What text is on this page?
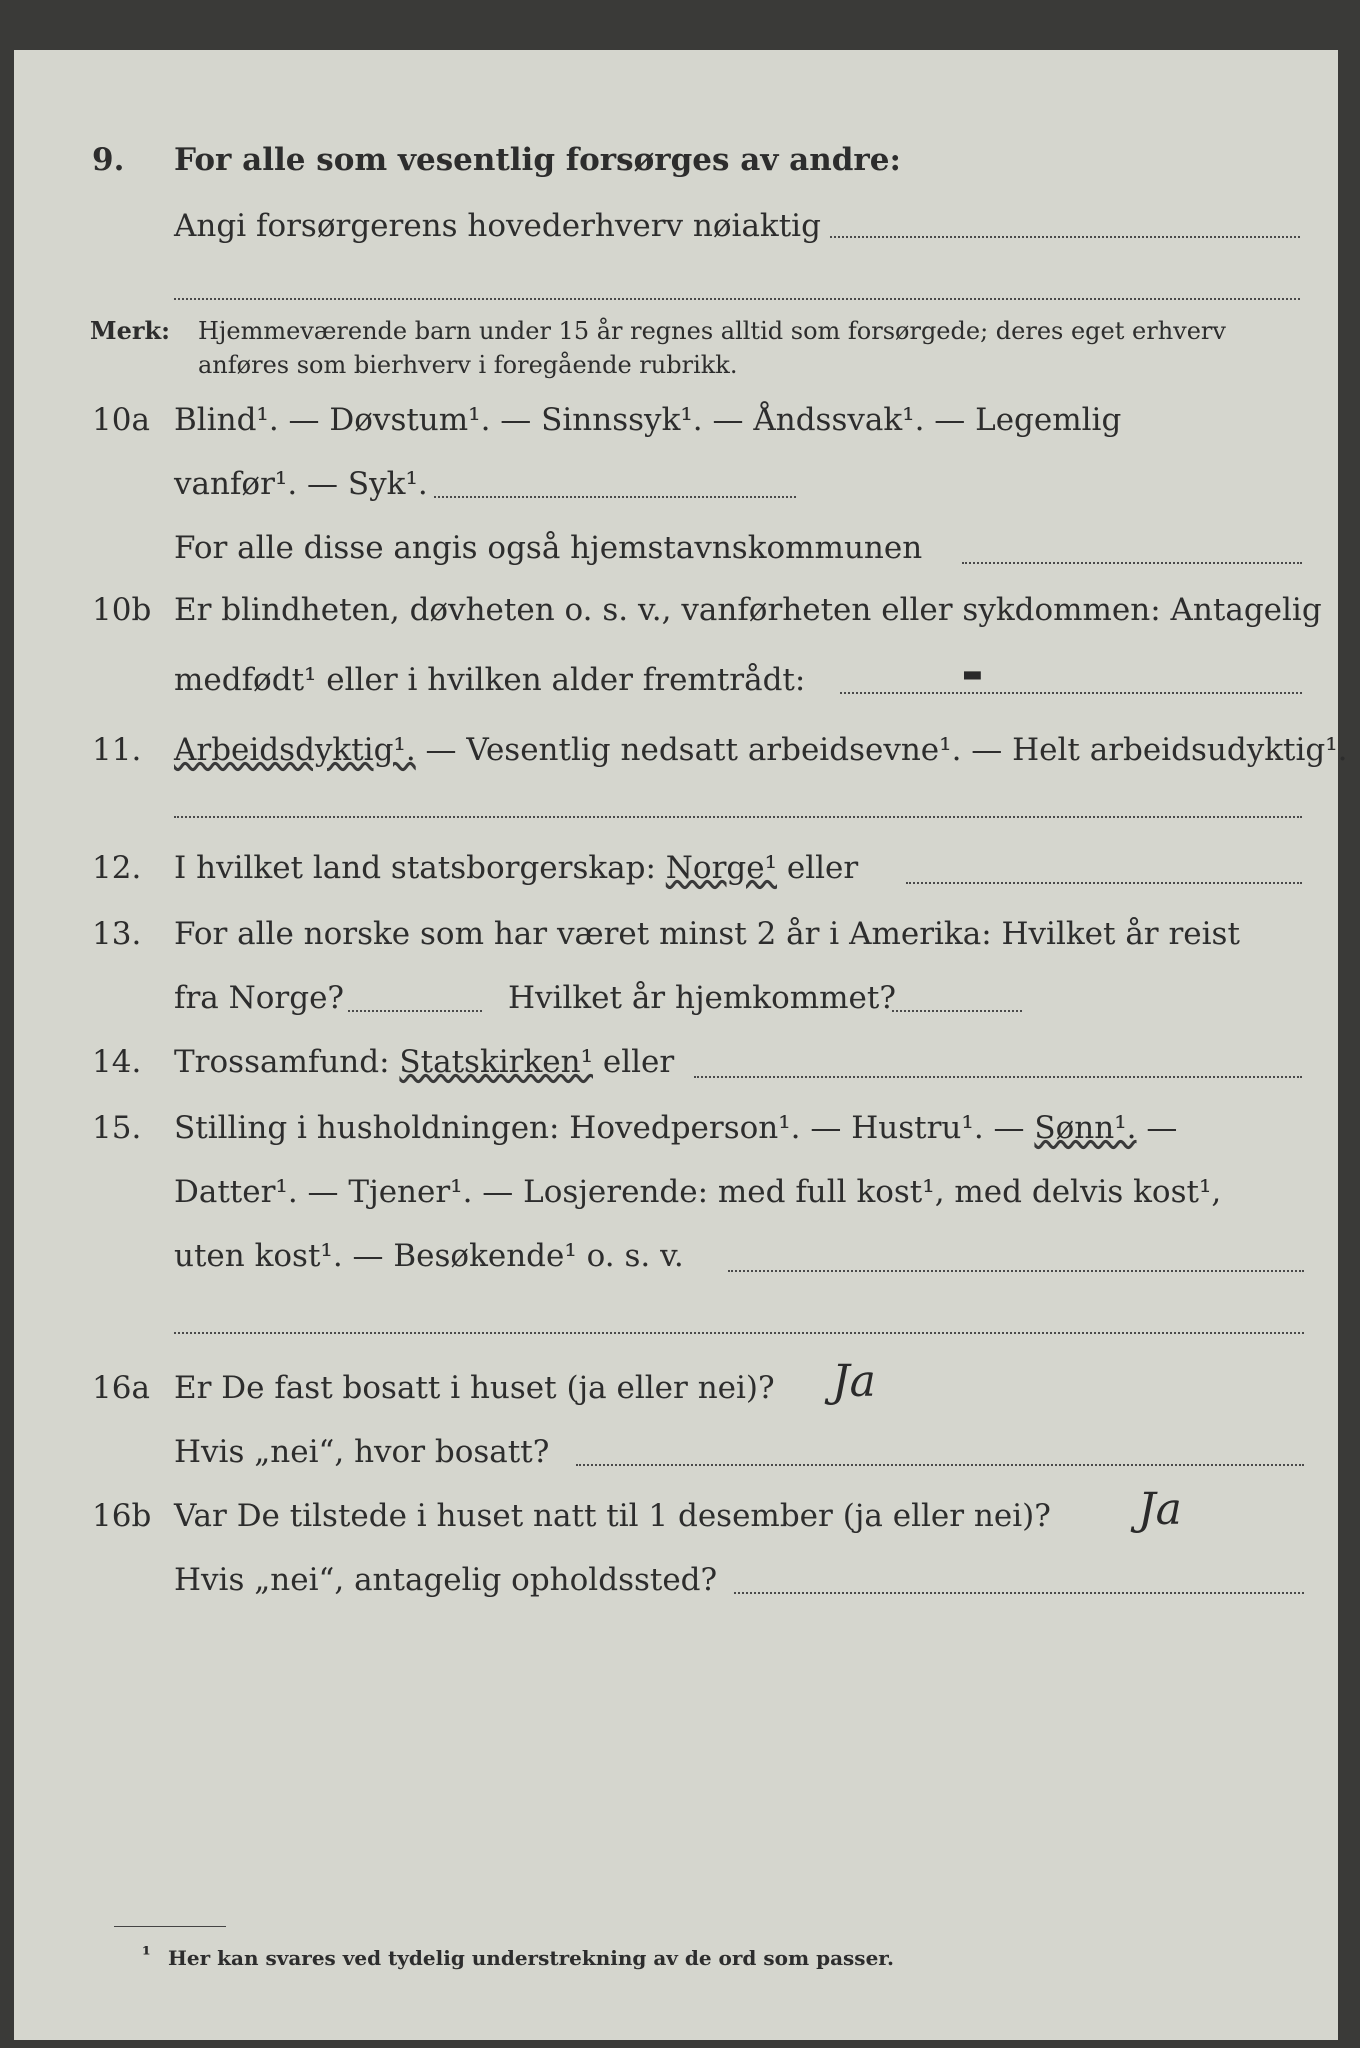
9. For alle som vesentlig forsørges av andre:
Angi forsørgerens hovederhverv nøiaktig
Merk: Hjemmeværende barn under 15 år regnes alltid som forsørgede; deres eget erhverv
anføres som bierhverv i foregående rubrikk.
10a Blind¹. — Døvstum¹. — Sinnssyk¹. — Åndssvak¹. — Legemlig
vanfør¹. — Syk¹.
For alle disse angis også hjemstavnskommunen
10b Er blindheten, døvheten o. s. v., vanførheten eller sykdommen: Antagelig
medfødt¹ eller i hvilken alder fremtrådt:	▬
11. Arbeidsdyktig¹. — Vesentlig nedsatt arbeidsevne¹. — Helt arbeidsudyktig¹.
12. I hvilket land statsborgerskap: Norge¹ eller
13. For alle norske som har været minst 2 år i Amerika: Hvilket år reist
fra Norge?	Hvilket år hjemkommet?
14. Trossamfund: Statskirken¹ eller
15. Stilling i husholdningen: Hovedperson¹. — Hustru¹. — Sønn¹. —
Datter¹. — Tjener¹. — Losjerende: med full kost¹, med delvis kost¹,
uten kost¹. — Besøkende¹ o. s. v.
16a Er De fast bosatt i huset (ja eller nei)? Ja
Hvis „nei“, hvor bosatt?
16b Var De tilstede i huset natt til 1 desember (ja eller nei)? Ja
Hvis „nei“, antagelig opholdssted?
¹ Her kan svares ved tydelig understrekning av de ord som passer.
